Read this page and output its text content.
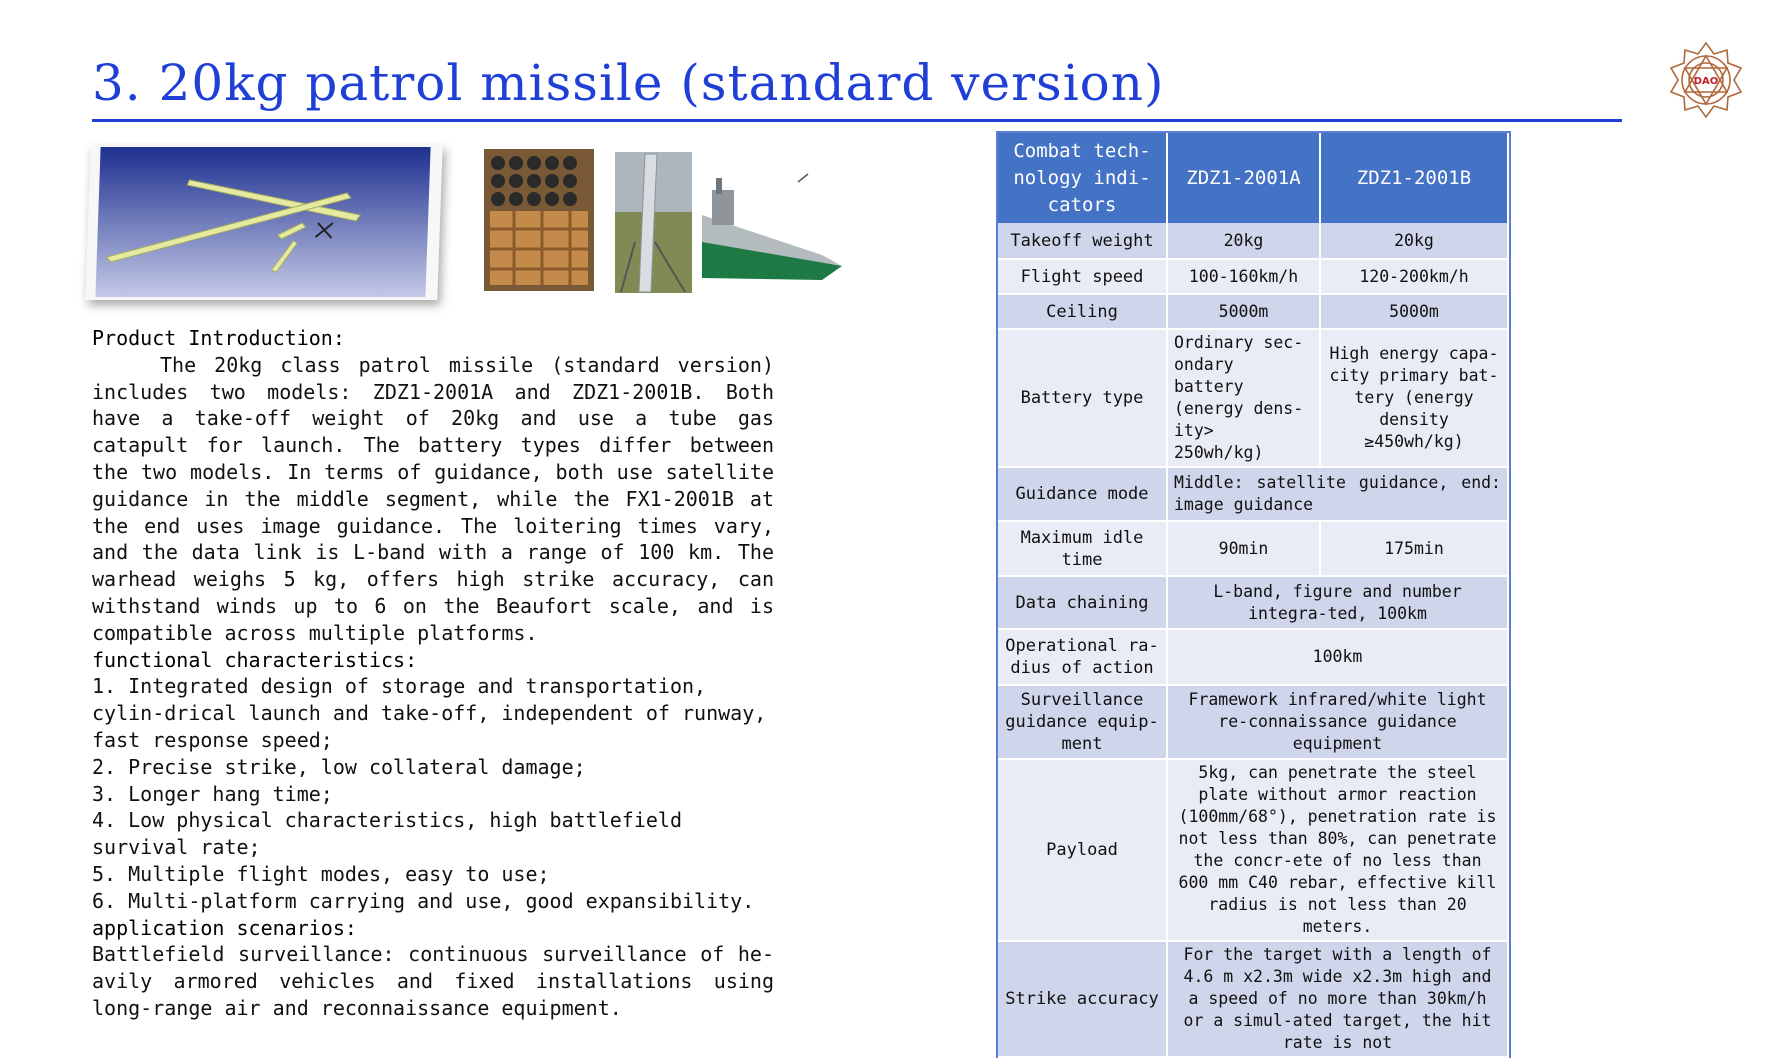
3. 20kg patrol missile (standard version)	DAO
Product Introduction:

The 20kg class patrol missile (standard version) includes two models: ZDZ1-2001A and ZDZ1-2001B. Both have a take-off weight of 20kg and use a tube gas catapult for launch. The battery types differ between the two models. In terms of guidance, both use satellite guidance in the middle segment, while the FX1-2001B at the end uses image guidance. The loitering times vary, and the data link is L-band with a range of 100 km. The warhead weighs 5 kg, offers high strike accuracy, can withstand winds up to 6 on the Beaufort scale, and is compatible across multiple platforms.

functional characteristics:
1. Integrated design of storage and transportation, cylin-drical launch and take-off, independent of runway, fast response speed;
2. Precise strike, low collateral damage;
3. Longer hang time;
4. Low physical characteristics, high battlefield survival rate;
5. Multiple flight modes, easy to use;
6. Multi-platform carrying and use, good expansibility.
application scenarios:

Battlefield surveillance: continuous surveillance of he-avily armored vehicles and fixed installations using long-range air and reconnaissance equipment.

Combat tech-nology indi-cators	ZDZ1-2001A	ZDZ1-2001B
Takeoff weight	20kg	20kg
Flight speed	100-160km/h	120-200km/h
Ceiling	5000m	5000m
Battery type	Ordinary sec-ondary battery (energy dens-ity> 250wh/kg)	High energy capa-city primary bat-tery (energy density ≥450wh/kg)
Guidance mode	Middle: satellite guidance, end: image guidance	
Maximum idle time	90min	175min
Data chaining	L-band, figure and number integra-ted, 100km	
Operational ra-dius of action	100km	
Surveillance guidance equip-ment	Framework infrared/white light re-connaissance guidance equipment	
Payload	5kg, can penetrate the steel plate without armor reaction (100mm/68°), penetration rate is not less than 80%, can penetrate the concr-ete of no less than 600 mm C40 rebar, effective kill radius is not less than 20 meters.	
Strike accuracy	For the target with a length of 4.6 m x2.3m wide x2.3m high and a speed of no more than 30km/h or a simul-ated target, the hit rate is not	
